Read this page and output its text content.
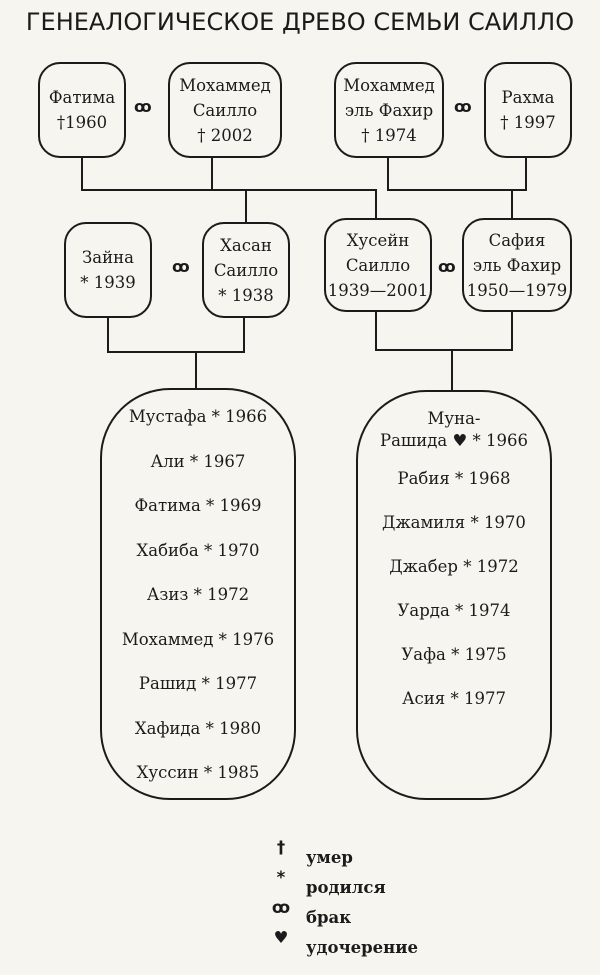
ГЕНЕАЛОГИЧЕСКОЕ ДРЕВО СЕМЬИ САИЛЛО
Фатима
†1960
ꝏ
Мохаммед
Саилло
† 2002
Мохаммед
эль Фахир
† 1974
ꝏ Рахма
† 1997
Зайна
* 1939
ꝏ
Хасан
Саилло
* 1938
Хусейн
Саилло
1939—2001
ꝏ
Сафия
эль Фахир
1950—1979
Мустафа * 1966
Али * 1967
Фатима * 1969
Хабиба * 1970
Азиз * 1972
Мохаммед * 1976
Рашид * 1977
Хафида * 1980
Хуссин * 1985
Муна-
Рашида ♥ * 1966
Рабия * 1968
Джамиля * 1970
Джабер * 1972
Уарда * 1974
Уафа * 1975
Асия * 1977
†
умер
*
родился
ꝏ
брак
♥
удочерение
